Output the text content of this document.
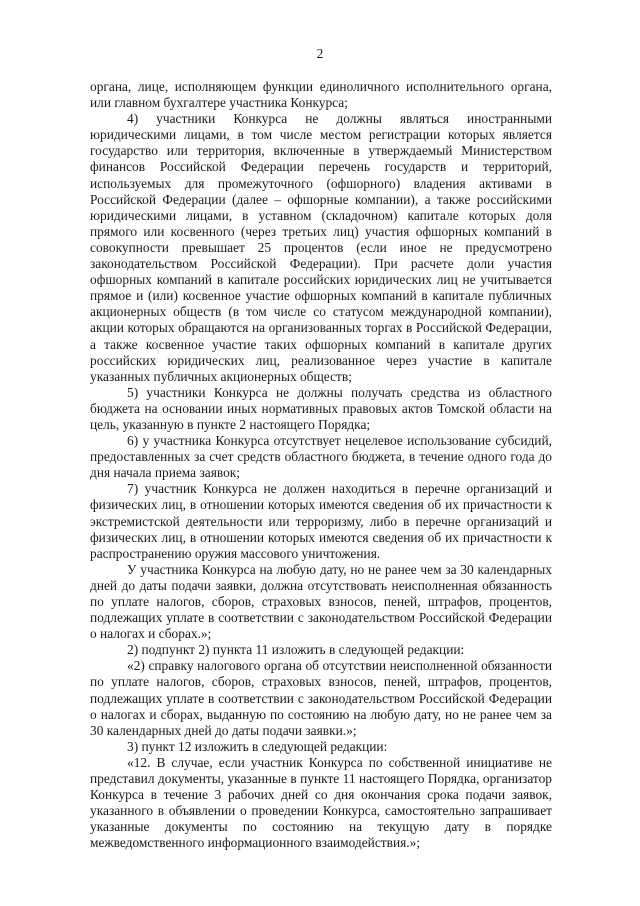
2

органа, лице, исполняющем функции единоличного исполнительного органа, или главном бухгалтере участника Конкурса;

4) участники Конкурса не должны являться иностранными юридическими лицами, в том числе местом регистрации которых является государство или территория, включенные в утверждаемый Министерством финансов Российской Федерации перечень государств и территорий, используемых для промежуточного (офшорного) владения активами в Российской Федерации (далее – офшорные компании), а также российскими юридическими лицами, в уставном (складочном) капитале которых доля прямого или косвенного (через третьих лиц) участия офшорных компаний в совокупности превышает 25 процентов (если иное не предусмотрено законодательством Российской Федерации). При расчете доли участия офшорных компаний в капитале российских юридических лиц не учитывается прямое и (или) косвенное участие офшорных компаний в капитале публичных акционерных обществ (в том числе со статусом международной компании), акции которых обращаются на организованных торгах в Российской Федерации, а также косвенное участие таких офшорных компаний в капитале других российских юридических лиц, реализованное через участие в капитале указанных публичных акционерных обществ;

5) участники Конкурса не должны получать средства из областного бюджета на основании иных нормативных правовых актов Томской области на цель, указанную в пункте 2 настоящего Порядка;

6) у участника Конкурса отсутствует нецелевое использование субсидий, предоставленных за счет средств областного бюджета, в течение одного года до дня начала приема заявок;

7) участник Конкурса не должен находиться в перечне организаций и физических лиц, в отношении которых имеются сведения об их причастности к экстремистской деятельности или терроризму, либо в перечне организаций и физических лиц, в отношении которых имеются сведения об их причастности к распространению оружия массового уничтожения.

У участника Конкурса на любую дату, но не ранее чем за 30 календарных дней до даты подачи заявки, должна отсутствовать неисполненная обязанность по уплате налогов, сборов, страховых взносов, пеней, штрафов, процентов, подлежащих уплате в соответствии с законодательством Российской Федерации о налогах и сборах.»;

2) подпункт 2) пункта 11 изложить в следующей редакции:

«2) справку налогового органа об отсутствии неисполненной обязанности по уплате налогов, сборов, страховых взносов, пеней, штрафов, процентов, подлежащих уплате в соответствии с законодательством Российской Федерации о налогах и сборах, выданную по состоянию на любую дату, но не ранее чем за 30 календарных дней до даты подачи заявки.»;

3) пункт 12 изложить в следующей редакции:

«12. В случае, если участник Конкурса по собственной инициативе не представил документы, указанные в пункте 11 настоящего Порядка, организатор Конкурса в течение 3 рабочих дней со дня окончания срока подачи заявок, указанного в объявлении о проведении Конкурса, самостоятельно запрашивает указанные документы по состоянию на текущую дату в порядке межведомственного информационного взаимодействия.»;
